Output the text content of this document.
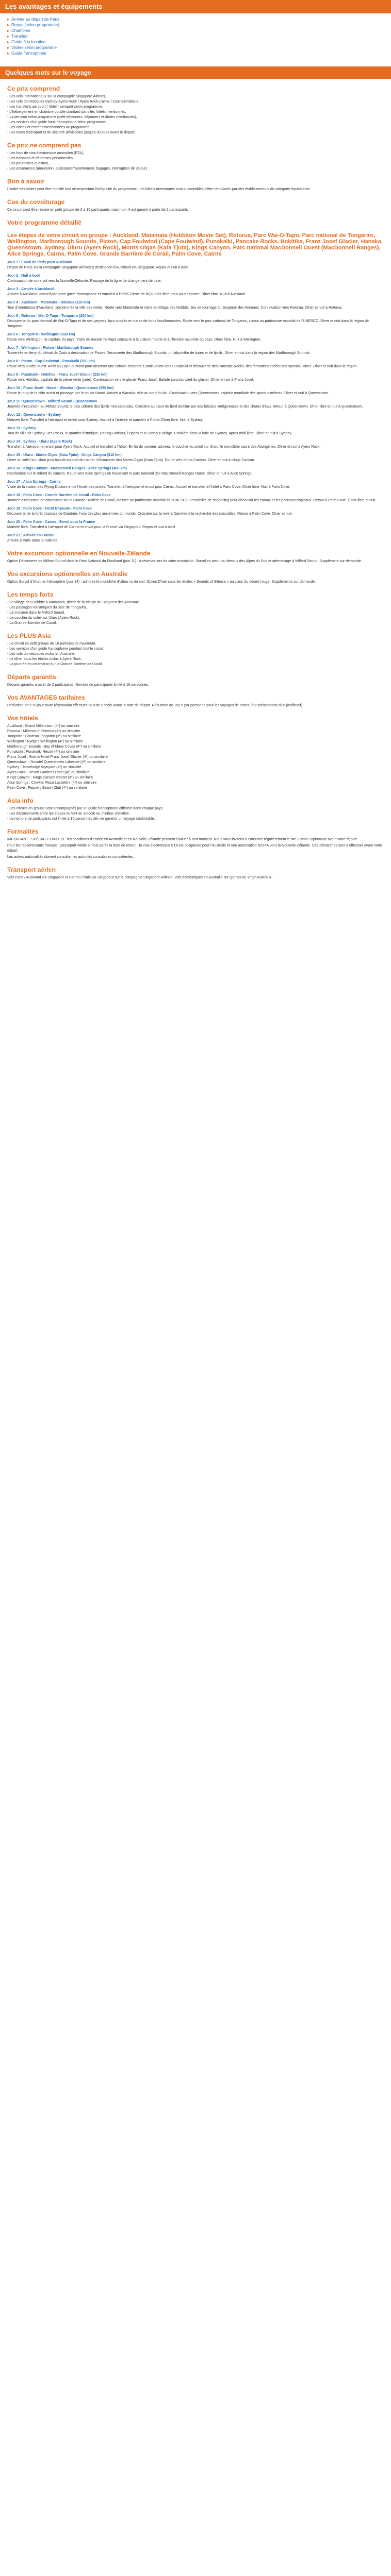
Les avantages et équipements
▸ Arrivée au départ de Paris
▸ Repas (selon programme)
▸ Chambres
▸ Transfert
▸ Guide à la location
▸ Visites selon programme
▸ Guide francophone
Quelques mots sur le voyage
Ce prix comprend
- Les vols internationaux sur la compagnie Singapore Airlines,
- Les vols domestiques Sydney-Ayers Rock / Ayers Rock-Cairns / Cairns-Brisbane,
- Les transferts aéroport / hôtel / aéroport selon programme,
- L'hébergement en chambre double standard dans les hôtels mentionnés,
- La pension selon programme (petit-déjeuners, déjeuners et dîners mentionnés),
- Les services d'un guide local francophone selon programme,
- Les visites et entrées mentionnées au programme,
- Les taxes d'aéroport et de sécurité (révisables jusqu'à 30 jours avant le départ).
Ce prix ne comprend pas
- Les frais de visa électronique australien (ETA),
- Les boissons et dépenses personnelles,
- Les pourboires et extras,
- Les assurances (annulation, assistance/rapatriement, bagages, interruption de séjour).
Bon à savoir
L'ordre des visites peut être modifié tout en respectant l'intégralité du programme. Les hôtels mentionnés sont susceptibles d'être remplacés par des établissements de catégorie équivalente.
Cas du covoiturage
Ce circuit peut être réalisé en petit groupe de 2 à 16 participants maximum. Il est garanti à partir de 2 participants.
Votre programme détaillé
Les étapes de votre circuit en groupe : Auckland, Matamata (Hobbiton Movie Set), Rotorua, Parc Wai-O-Tapu, Parc national de Tongariro, Wellington, Marlborough Sounds, Picton, Cap Foulwind (Cape Foulwind), Punakaiki, Pancake Rocks, Hokitika, Franz Josef Glacier, Hanaka, Queenstown, Sydney, Uluru (Ayers Rock), Monts Olgas (Kata Tjuta), Kings Canyon, Parc national MacDonnell Ouest (MacDonnell Ranges), Alice Springs, Cairns, Palm Cove, Grande Barrière de Corail, Palm Cove, Cairns
Jour 1 : Envol de Paris pour Auckland
Départ de Paris sur la compagnie Singapore Airlines à destination d'Auckland via Singapour. Repas et nuit à bord.
Jour 2 : Nuit à bord
Continuation de votre vol vers la Nouvelle-Zélande. Passage de la ligne de changement de date.
Jour 3 : Arrivée à Auckland
Arrivée à Auckland, accueil par votre guide francophone et transfert à l'hôtel. Reste de la journée libre pour vous reposer. Dîner libre. Nuit à Auckland.
Jour 4 : Auckland - Matamata - Rotorua (230 km)
Tour d'orientation d'Auckland, surnommée la ville des voiles. Route vers Matamata et visite du village des Hobbits, lieu de tournage du Seigneur des Anneaux. Continuation vers Rotorua. Dîner et nuit à Rotorua.
Jour 5 : Rotorua - Wai-O-Tapu - Tongariro (200 km)
Découverte du parc thermal de Wai-O-Tapu et de ses geysers, lacs colorés et mares de boue bouillonnantes. Route vers le parc national de Tongariro, classé au patrimoine mondial de l'UNESCO. Dîner et nuit dans la région de Tongariro.
Jour 6 : Tongariro - Wellington (330 km)
Route vers Wellington, la capitale du pays. Visite du musée Te Papa consacré à la culture maorie et à l'histoire naturelle du pays. Dîner libre. Nuit à Wellington.
Jour 7 : Wellington - Picton - Marlborough Sounds
Traversée en ferry du détroit de Cook à destination de Picton. Découverte des Marlborough Sounds, un labyrinthe de baies et de fjords. Dîner et nuit dans la région des Marlborough Sounds.
Jour 8 : Picton - Cap Foulwind - Punakaiki (350 km)
Route vers la côte ouest. Arrêt au Cap Foulwind pour observer une colonie d'otaries. Continuation vers Punakaiki et découverte des Pancake Rocks, des formations rocheuses spectaculaires. Dîner et nuit dans la région.
Jour 9 : Punakaiki - Hokitika - Franz Josef Glacier (230 km)
Route vers Hokitika, capitale de la pierre verte (jade). Continuation vers le glacier Franz Josef. Balade jusqu'au pied du glacier. Dîner et nuit à Franz Josef.
Jour 10 : Franz Josef - Haast - Wanaka - Queenstown (350 km)
Route le long de la côte ouest et passage par le col de Haast. Arrivée à Wanaka, ville au bord du lac. Continuation vers Queenstown, capitale mondiale des sports extrêmes. Dîner et nuit à Queenstown.
Jour 11 : Queenstown - Milford Sound - Queenstown
Journée d'excursion au Milford Sound, le plus célèbre des fjords néo-zélandais. Croisière au cœur du fjord dominé par des falaises vertigineuses et des chutes d'eau. Retour à Queenstown. Dîner libre et nuit à Queenstown.
Jour 12 : Queenstown - Sydney
Matinée libre. Transfert à l'aéroport et envol pour Sydney. Accueil à l'arrivée et transfert à l'hôtel. Dîner libre. Nuit à Sydney.
Jour 13 : Sydney
Tour de ville de Sydney : les Rocks, le quartier historique, Darling Harbour, l'Opéra et le Harbour Bridge. Croisière dans la baie de Sydney. Après-midi libre. Dîner et nuit à Sydney.
Jour 14 : Sydney - Uluru (Ayers Rock)
Transfert à l'aéroport et envol pour Ayers Rock. Accueil et transfert à l'hôtel. En fin de journée, admirez le coucher du soleil sur Uluru, le monolithe sacré des Aborigènes. Dîner et nuit à Ayers Rock.
Jour 15 : Uluru - Monts Olgas (Kata Tjuta) - Kings Canyon (310 km)
Lever du soleil sur Uluru puis balade au pied du rocher. Découverte des Monts Olgas (Kata Tjuta). Route vers Kings Canyon. Dîner et nuit à Kings Canyon.
Jour 16 : Kings Canyon - MacDonnell Ranges - Alice Springs (480 km)
Randonnée sur le rebord du canyon. Route vers Alice Springs en traversant le parc national des MacDonnell Ranges Ouest. Dîner et nuit à Alice Springs.
Jour 17 : Alice Springs - Cairns
Visite de la station des Flying Doctors et de l'école des ondes. Transfert à l'aéroport et envol pour Cairns. Accueil et transfert à l'hôtel à Palm Cove. Dîner libre. Nuit à Palm Cove.
Jour 18 : Palm Cove - Grande Barrière de Corail - Palm Cove
Journée d'excursion en catamaran sur la Grande Barrière de Corail, classée au patrimoine mondial de l'UNESCO. Possibilité de snorkeling pour découvrir les coraux et les poissons tropicaux. Retour à Palm Cove. Dîner libre et nuit.
Jour 19 : Palm Cove - Forêt tropicale - Palm Cove
Découverte de la forêt tropicale de Daintree, l'une des plus anciennes du monde. Croisière sur la rivière Daintree à la recherche des crocodiles. Retour à Palm Cove. Dîner et nuit.
Jour 20 : Palm Cove - Cairns - Envol pour la France
Matinée libre. Transfert à l'aéroport de Cairns et envol pour la France via Singapour. Repas et nuit à bord.
Jour 21 : Arrivée en France
Arrivée à Paris dans la matinée.
Votre excursion optionnelle en Nouvelle-Zélande
Option Découverte de Milford Sound dans le Parc National du Fiordland (jour 11) : à réserver lors de votre inscription. Survol en avion au-dessus des Alpes du Sud et atterrissage à Milford Sound. Supplément sur demande.
Vos excursions optionnelles en Australie
Option Survol d'Uluru en hélicoptère (jour 14) : admirez le monolithe d'Uluru vu du ciel. Option Dîner sous les étoiles « Sounds of Silence » au cœur du désert rouge. Suppléments sur demande.
Les temps forts
- Le village des Hobbits à Matamata, décor de la trilogie du Seigneur des Anneaux,
- Les paysages volcaniques du parc de Tongariro,
- La croisière dans le Milford Sound,
- Le coucher du soleil sur Uluru (Ayers Rock),
- La Grande Barrière de Corail.
Les PLUS Asia
- Le circuit en petit groupe de 16 participants maximum,
- Les services d'un guide francophone pendant tout le circuit,
- Les vols domestiques inclus en Australie,
- Le dîner sous les étoiles inclus à Ayers Rock,
- La journée en catamaran sur la Grande Barrière de Corail.
Départs garantis
Départs garantis à partir de 2 participants. Nombre de participants limité à 16 personnes.
Vos AVANTAGES tarifaires
Réduction de 5 % pour toute réservation effectuée plus de 6 mois avant la date de départ. Réduction de 150 € par personne pour les voyages de noces (sur présentation d'un justificatif).
Vos hôtels
Auckland : Grand Millennium (4*) ou similaire
Rotorua : Millennium Rotorua (4*) ou similaire
Tongariro : Chateau Tongariro (3*) ou similaire
Wellington : Rydges Wellington (4*) ou similaire
Marlborough Sounds : Bay of Many Coves (4*) ou similaire
Punakaiki : Punakaiki Resort (4*) ou similaire
Franz Josef : Scenic Hotel Franz Josef Glacier (4*) ou similaire
Queenstown : Novotel Queenstown Lakeside (4*) ou similaire
Sydney : Travelodge Wynyard (4*) ou similaire
Ayers Rock : Desert Gardens Hotel (4*) ou similaire
Kings Canyon : Kings Canyon Resort (3*) ou similaire
Alice Springs : Crowne Plaza Lasseters (4*) ou similaire
Palm Cove : Peppers Beach Club (4*) ou similaire
Asia info
- Les circuits en groupe sont accompagnés par un guide francophone différent dans chaque pays.
- Les déplacements entre les étapes se font en autocar ou minibus climatisé.
- Le nombre de participants est limité à 16 personnes afin de garantir un voyage confortable.
Formalités
IMPORTANT - SPÉCIAL COVID-19 : les conditions d'entrée en Australie et en Nouvelle-Zélande peuvent évoluer à tout moment. Nous vous invitons à consulter régulièrement le site France Diplomatie avant votre départ.
Pour les ressortissants français : passeport valide 6 mois après la date de retour. Un visa électronique ETA est obligatoire pour l'Australie et une autorisation NZeTA pour la Nouvelle-Zélande. Ces démarches sont à effectuer avant votre départ.
Les autres nationalités doivent consulter les autorités consulaires compétentes.
Transport aérien
Vols Paris / Auckland via Singapour et Cairns / Paris via Singapour sur la compagnie Singapore Airlines. Vols domestiques en Australie sur Qantas ou Virgin Australia.
